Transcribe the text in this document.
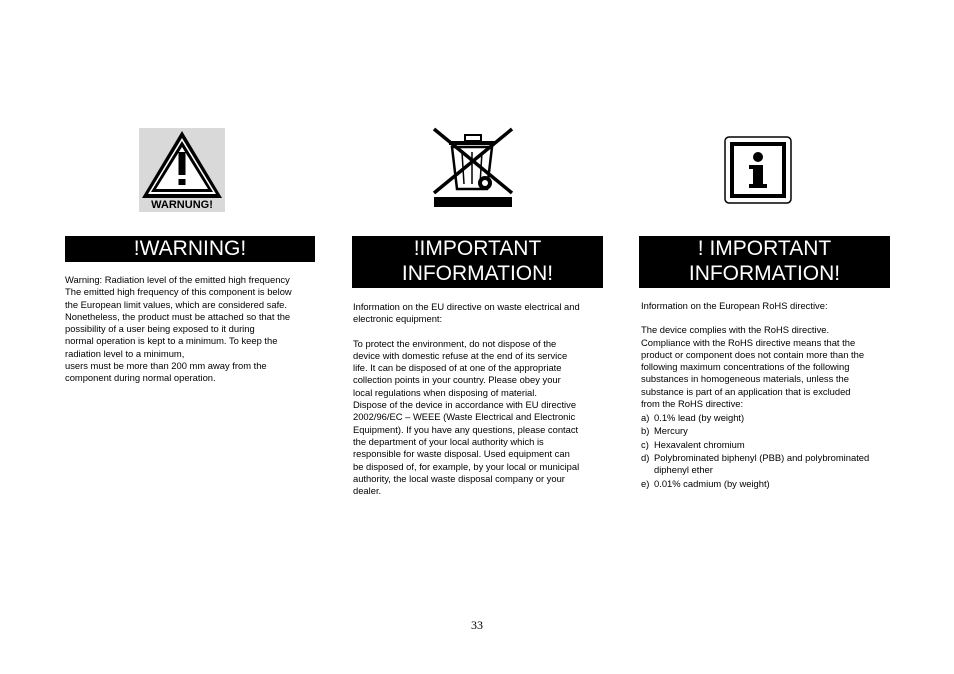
WARNUNG!
!WARNING!

Warning: Radiation level of the emitted high frequency

The emitted high frequency of this component is below

the European limit values, which are considered safe.

Nonetheless, the product must be attached so that the

possibility of a user being exposed to it during

normal operation is kept to a minimum. To keep the

radiation level to a minimum,

users must be more than 200 mm away from the

component during normal operation.

!IMPORTANT
INFORMATION!

Information on the EU directive on waste electrical and

electronic equipment:

To protect the environment, do not dispose of the

device with domestic refuse at the end of its service

life. It can be disposed of at one of the appropriate

collection points in your country. Please obey your

local regulations when disposing of material.

Dispose of the device in accordance with EU directive

2002/96/EC – WEEE (Waste Electrical and Electronic

Equipment). If you have any questions, please contact

the department of your local authority which is

responsible for waste disposal. Used equipment can

be disposed of, for example, by your local or municipal

authority, the local waste disposal company or your

dealer.

! IMPORTANT
INFORMATION!

Information on the European RoHS directive:

The device complies with the RoHS directive.

Compliance with the RoHS directive means that the

product or component does not contain more than the

following maximum concentrations of the following

substances in homogeneous materials, unless the

substance is part of an application that is excluded

from the RoHS directive:

a) 0.1% lead (by weight)
b) Mercury
c) Hexavalent chromium
d) Polybrominated biphenyl (PBB) and polybrominated diphenyl ether
e) 0.01% cadmium (by weight)
33
